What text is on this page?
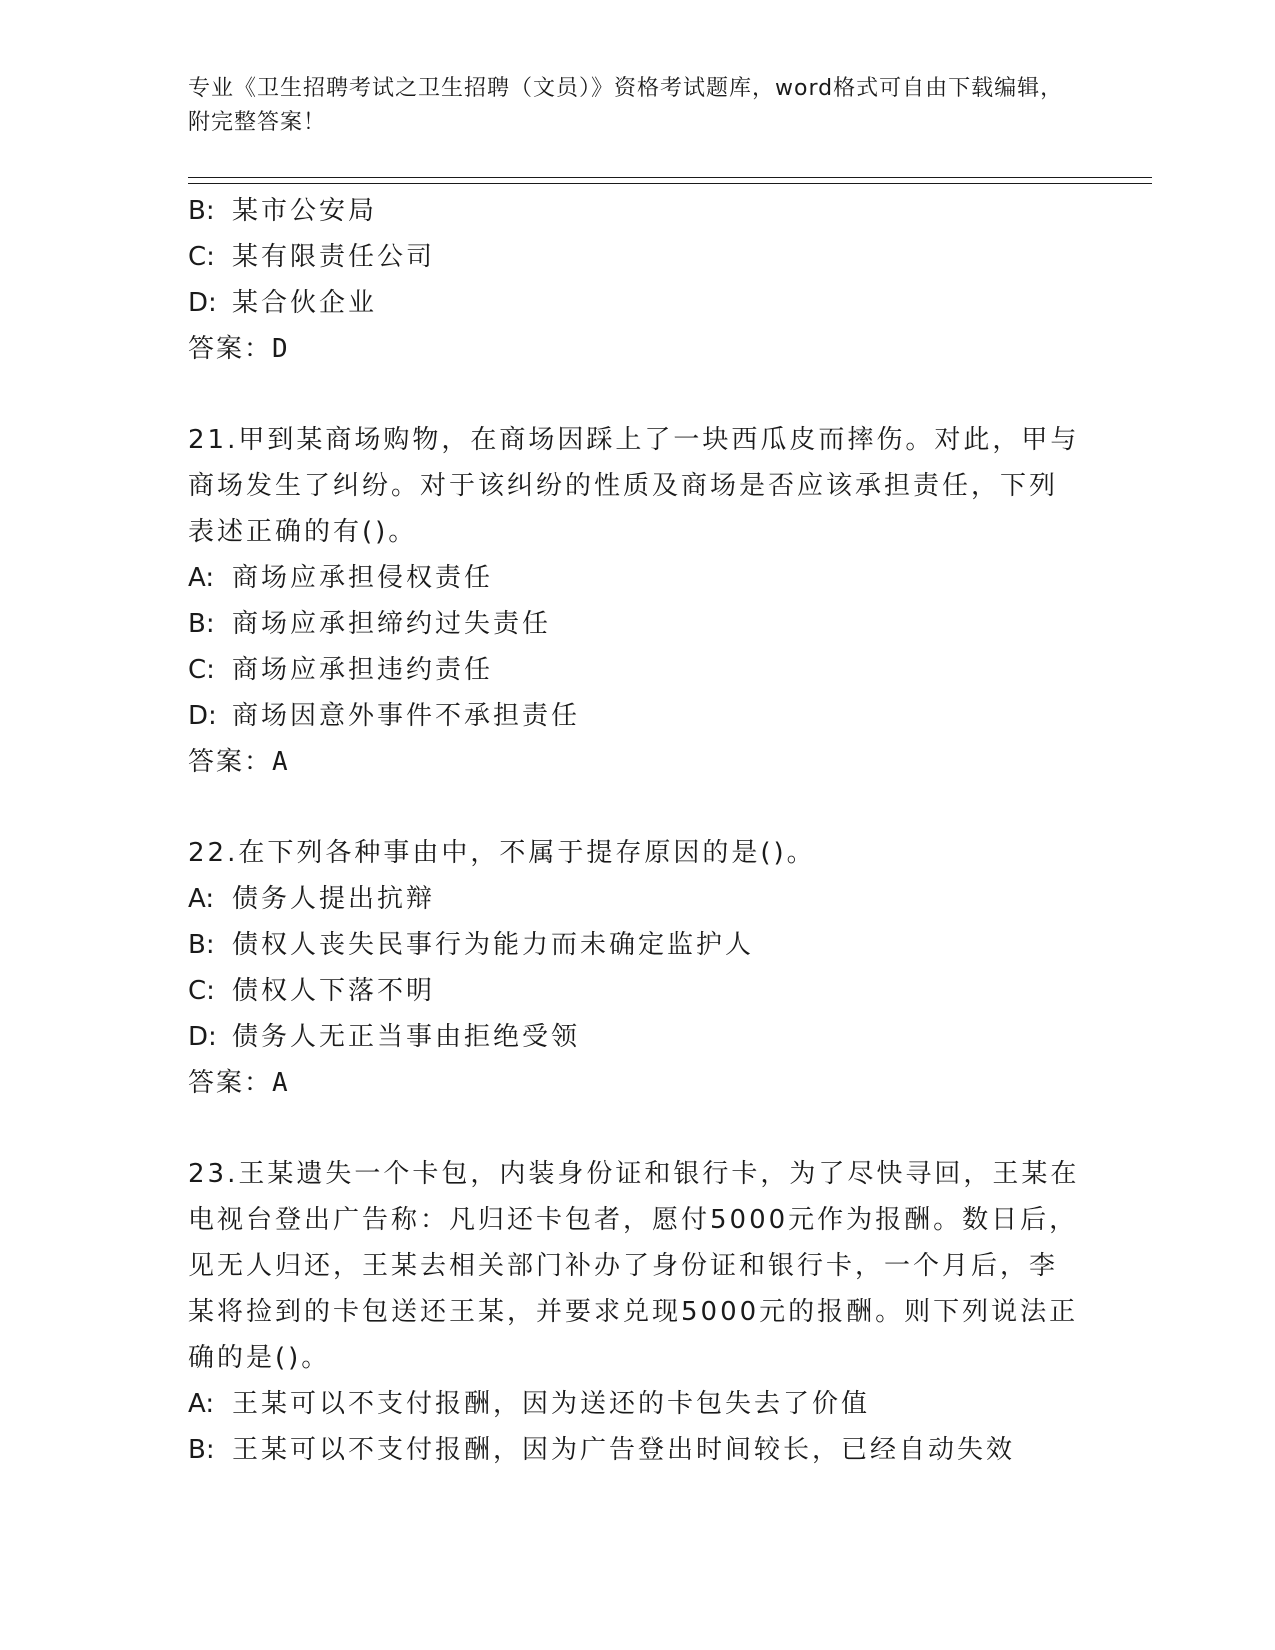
专业《卫生招聘考试之卫生招聘（文员）》资格考试题库，word格式可自由下载编辑，附完整答案！
B: 某市公安局
C: 某有限责任公司
D: 某合伙企业
答案：D
21.甲到某商场购物，在商场因踩上了一块西瓜皮而摔伤。对此，甲与
商场发生了纠纷。对于该纠纷的性质及商场是否应该承担责任，下列
表述正确的有()。
A: 商场应承担侵权责任
B: 商场应承担缔约过失责任
C: 商场应承担违约责任
D: 商场因意外事件不承担责任
答案：A
22.在下列各种事由中，不属于提存原因的是()。
A: 债务人提出抗辩
B: 债权人丧失民事行为能力而未确定监护人
C: 债权人下落不明
D: 债务人无正当事由拒绝受领
答案：A
23.王某遗失一个卡包，内装身份证和银行卡，为了尽快寻回，王某在
电视台登出广告称：凡归还卡包者，愿付5000元作为报酬。数日后，
见无人归还，王某去相关部门补办了身份证和银行卡，一个月后，李
某将捡到的卡包送还王某，并要求兑现5000元的报酬。则下列说法正
确的是()。
A: 王某可以不支付报酬，因为送还的卡包失去了价值
B: 王某可以不支付报酬，因为广告登出时间较长，已经自动失效
